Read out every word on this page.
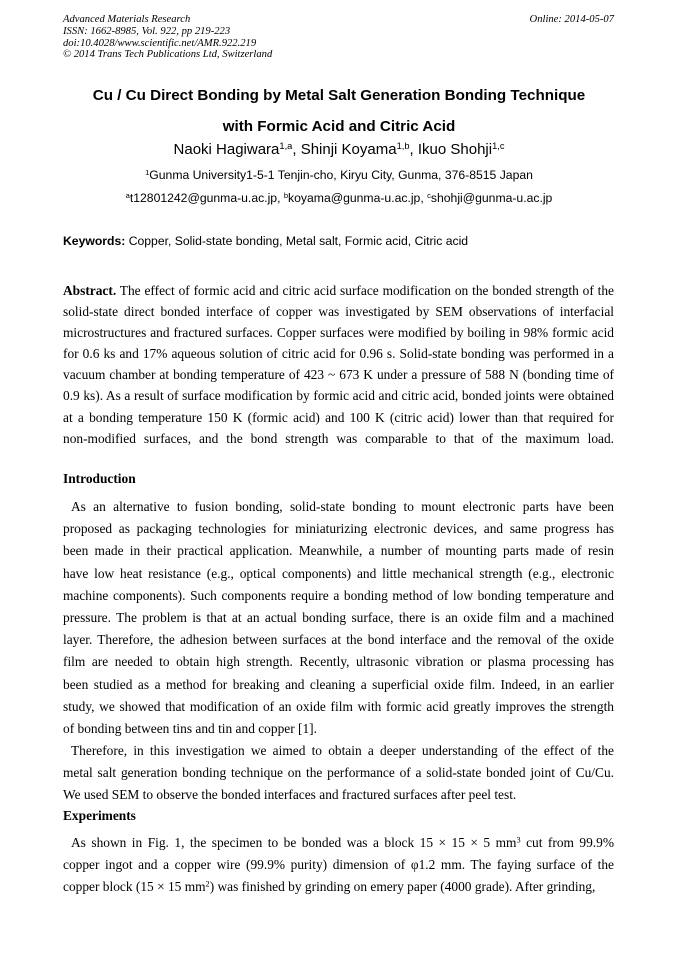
Advanced Materials Research
ISSN: 1662-8985, Vol. 922, pp 219-223
doi:10.4028/www.scientific.net/AMR.922.219
© 2014 Trans Tech Publications Ltd, Switzerland
Online: 2014-05-07
Cu / Cu Direct Bonding by Metal Salt Generation Bonding Technique
with Formic Acid and Citric Acid
Naoki Hagiwara$^{1,a}$, Shinji Koyama$^{1,b}$, Ikuo Shohji$^{1,c}$
$^1$Gunma University1-5-1 Tenjin-cho, Kiryu City, Gunma, 376-8515 Japan
$^a$t12801242@gunma-u.ac.jp, $^b$koyama@gunma-u.ac.jp, $^c$shohji@gunma-u.ac.jp
Keywords: Copper, Solid-state bonding, Metal salt, Formic acid, Citric acid
Abstract. The effect of formic acid and citric acid surface modification on the bonded strength of the
solid-state direct bonded interface of copper was investigated by SEM observations of interfacial
microstructures and fractured surfaces. Copper surfaces were modified by boiling in 98% formic acid
for 0.6 ks and 17% aqueous solution of citric acid for 0.96 s. Solid-state bonding was performed in a
vacuum chamber at bonding temperature of 423 ~ 673 K under a pressure of 588 N (bonding time of
0.9 ks). As a result of surface modification by formic acid and citric acid, bonded joints were obtained
at a bonding temperature 150 K (formic acid) and 100 K (citric acid) lower than that required for
non-modified surfaces, and the bond strength was comparable to that of the maximum load.
Introduction
As an alternative to fusion bonding, solid-state bonding to mount electronic parts have been
proposed as packaging technologies for miniaturizing electronic devices, and same progress has
been made in their practical application. Meanwhile, a number of mounting parts made of resin
have low heat resistance (e.g., optical components) and little mechanical strength (e.g., electronic
machine components). Such components require a bonding method of low bonding temperature and
pressure. The problem is that at an actual bonding surface, there is an oxide film and a machined
layer. Therefore, the adhesion between surfaces at the bond interface and the removal of the oxide
film are needed to obtain high strength. Recently, ultrasonic vibration or plasma processing has
been studied as a method for breaking and cleaning a superficial oxide film. Indeed, in an earlier
study, we showed that modification of an oxide film with formic acid greatly improves the strength
of bonding between tins and tin and copper [1].
Therefore, in this investigation we aimed to obtain a deeper understanding of the effect of the
metal salt generation bonding technique on the performance of a solid-state bonded joint of Cu/Cu.
We used SEM to observe the bonded interfaces and fractured surfaces after peel test.
Experiments
As shown in Fig. 1, the specimen to be bonded was a block 15 × 15 × 5 $mm^3$ cut from 99.9%
copper ingot and a copper wire (99.9% purity) dimension of φ1.2 mm. The faying surface of the
copper block (15 × 15 $mm^2$) was finished by grinding on emery paper (4000 grade). After grinding,
